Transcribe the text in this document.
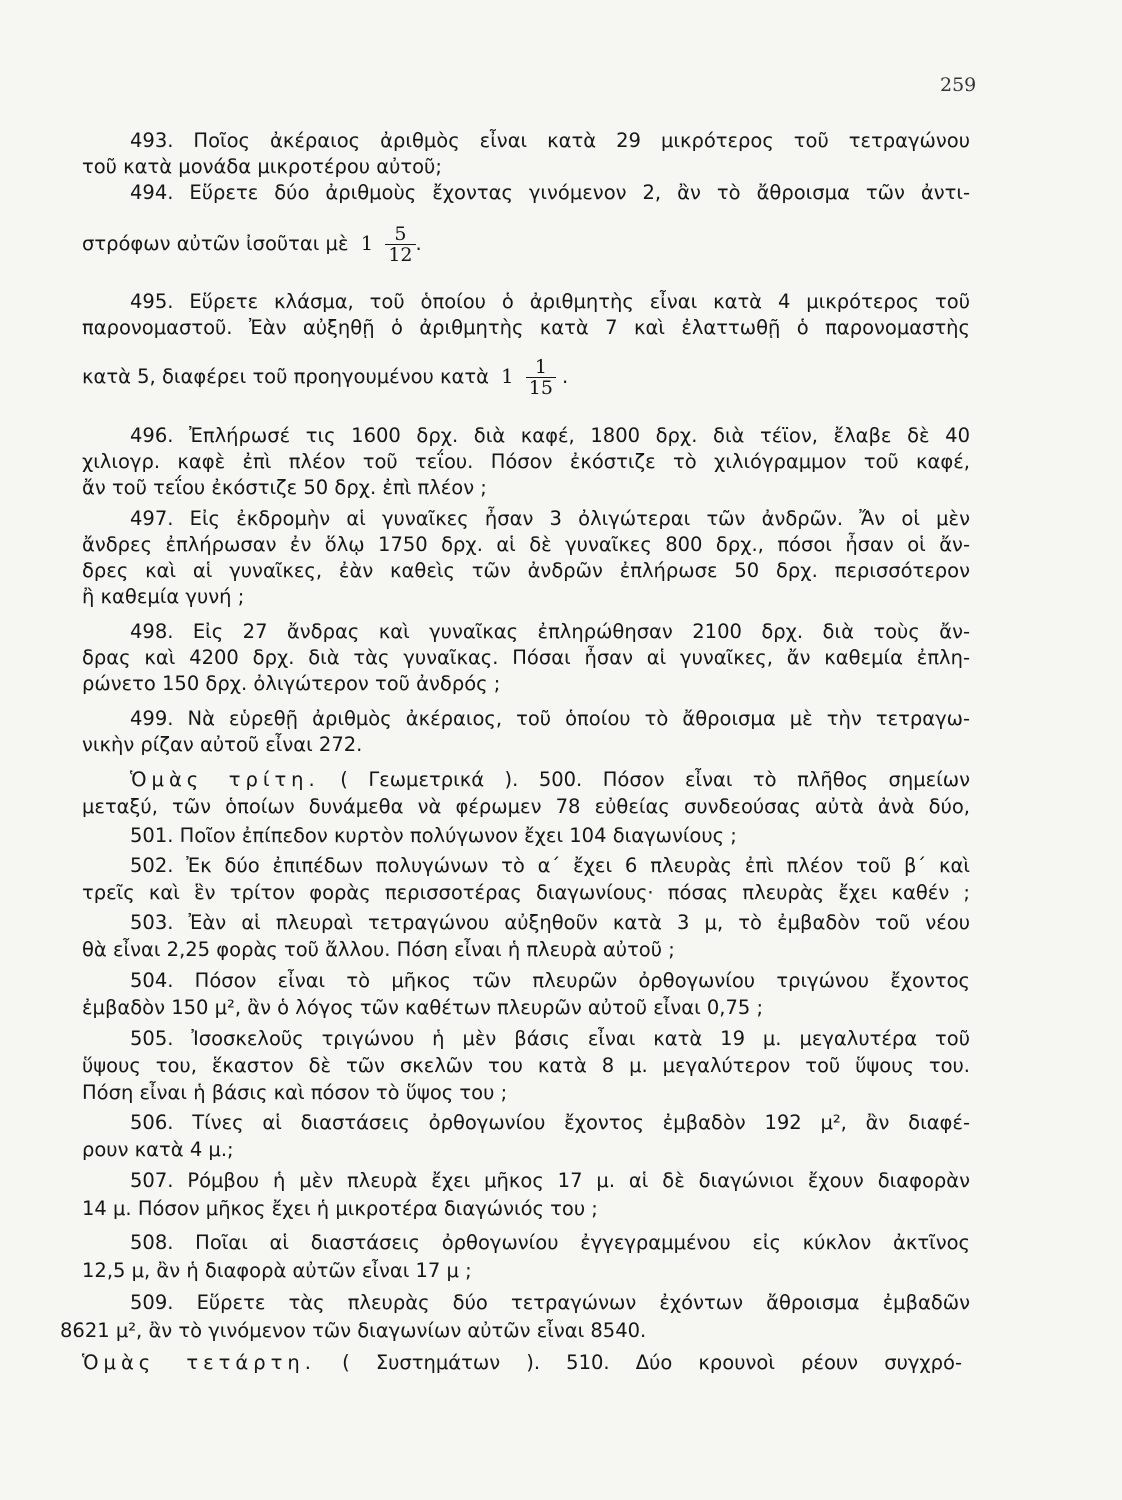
259
493. Ποῖος ἀκέραιος ἀριθμὸς εἶναι κατὰ 29 μικρότερος τοῦ τετραγώνου
τοῦ κατὰ μονάδα μικροτέρου αὐτοῦ;
494. Εὕρετε δύο ἀριθμοὺς ἔχοντας γινόμενον 2, ἂν τὸ ἄθροισμα τῶν ἀντι-
στρόφων αὐτῶν ἰσοῦται μὲ $1 \frac{5}{12}$ .
495. Εὕρετε κλάσμα, τοῦ ὁποίου ὁ ἀριθμητὴς εἶναι κατὰ 4 μικρότερος τοῦ
παρονομαστοῦ. Ἐὰν αὐξηθῇ ὁ ἀριθμητὴς κατὰ 7 καὶ ἐλαττωθῇ ὁ παρονομαστὴς
κατὰ 5, διαφέρει τοῦ προηγουμένου κατὰ $1 \frac{1}{15}$ .
496. Ἐπλήρωσέ τις 1600 δρχ. διὰ καφέ, 1800 δρχ. διὰ τέϊον, ἔλαβε δὲ 40
χιλιογρ. καφὲ ἐπὶ πλέον τοῦ τεΐου. Πόσον ἐκόστιζε τὸ χιλιόγραμμον τοῦ καφέ,
ἄν τοῦ τεΐου ἐκόστιζε 50 δρχ. ἐπὶ πλέον ;
497. Εἰς ἐκδρομὴν αἱ γυναῖκες ἦσαν 3 ὀλιγώτεραι τῶν ἀνδρῶν. Ἄν οἱ μὲν
ἄνδρες ἐπλήρωσαν ἐν ὅλῳ 1750 δρχ. αἱ δὲ γυναῖκες 800 δρχ., πόσοι ἦσαν οἱ ἄν-
δρες καὶ αἱ γυναῖκες, ἐὰν καθεὶς τῶν ἀνδρῶν ἐπλήρωσε 50 δρχ. περισσότερον
ἢ καθεμία γυνή ;
498. Εἰς 27 ἄνδρας καὶ γυναῖκας ἐπληρώθησαν 2100 δρχ. διὰ τοὺς ἄν-
δρας καὶ 4200 δρχ. διὰ τὰς γυναῖκας. Πόσαι ἦσαν αἱ γυναῖκες, ἄν καθεμία ἐπλη-
ρώνετο 150 δρχ. ὀλιγώτερον τοῦ ἀνδρός ;
499. Νὰ εὑρεθῇ ἀριθμὸς ἀκέραιος, τοῦ ὁποίου τὸ ἄθροισμα μὲ τὴν τετραγω-
νικὴν ρίζαν αὐτοῦ εἶναι 272.
Ὁμὰς τρίτη. ( Γεωμετρικά ). 500. Πόσον εἶναι τὸ πλῆθος σημείων
μεταξύ, τῶν ὁποίων δυνάμεθα νὰ φέρωμεν 78 εὐθείας συνδεούσας αὐτὰ ἀνὰ δύο,
501. Ποῖον ἐπίπεδον κυρτὸν πολύγωνον ἔχει 104 διαγωνίους ;
502. Ἐκ δύο ἐπιπέδων πολυγώνων τὸ α΄ ἔχει 6 πλευρὰς ἐπὶ πλέον τοῦ β΄ καὶ
τρεῖς καὶ ἓν τρίτον φορὰς περισσοτέρας διαγωνίους· πόσας πλευρὰς ἔχει καθέν ;
503. Ἐὰν αἱ πλευραὶ τετραγώνου αὐξηθοῦν κατὰ 3 μ, τὸ ἐμβαδὸν τοῦ νέου
θὰ εἶναι 2,25 φορὰς τοῦ ἄλλου. Πόση εἶναι ἡ πλευρὰ αὐτοῦ ;
504. Πόσον εἶναι τὸ μῆκος τῶν πλευρῶν ὀρθογωνίου τριγώνου ἔχοντος
ἐμβαδὸν 150 μ², ἂν ὁ λόγος τῶν καθέτων πλευρῶν αὐτοῦ εἶναι 0,75 ;
505. Ἰσοσκελοῦς τριγώνου ἡ μὲν βάσις εἶναι κατὰ 19 μ. μεγαλυτέρα τοῦ
ὕψους του, ἕκαστον δὲ τῶν σκελῶν του κατὰ 8 μ. μεγαλύτερον τοῦ ὕψους του.
Πόση εἶναι ἡ βάσις καὶ πόσον τὸ ὕψος του ;
506. Τίνες αἱ διαστάσεις ὀρθογωνίου ἔχοντος ἐμβαδὸν 192 μ², ἂν διαφέ-
ρουν κατὰ 4 μ.;
507. Ρόμβου ἡ μὲν πλευρὰ ἔχει μῆκος 17 μ. αἱ δὲ διαγώνιοι ἔχουν διαφορὰν
14 μ. Πόσον μῆκος ἔχει ἡ μικροτέρα διαγώνιός του ;
508. Ποῖαι αἱ διαστάσεις ὀρθογωνίου ἐγγεγραμμένου εἰς κύκλον ἀκτῖνος
12,5 μ, ἂν ἡ διαφορὰ αὐτῶν εἶναι 17 μ ;
509. Εὕρετε τὰς πλευρὰς δύο τετραγώνων ἐχόντων ἄθροισμα ἐμβαδῶν
8621 μ², ἂν τὸ γινόμενον τῶν διαγωνίων αὐτῶν εἶναι 8540.
Ὁμὰς τετάρτη. ( Συστημάτων ). 510. Δύο κρουνοὶ ρέουν συγχρό-
